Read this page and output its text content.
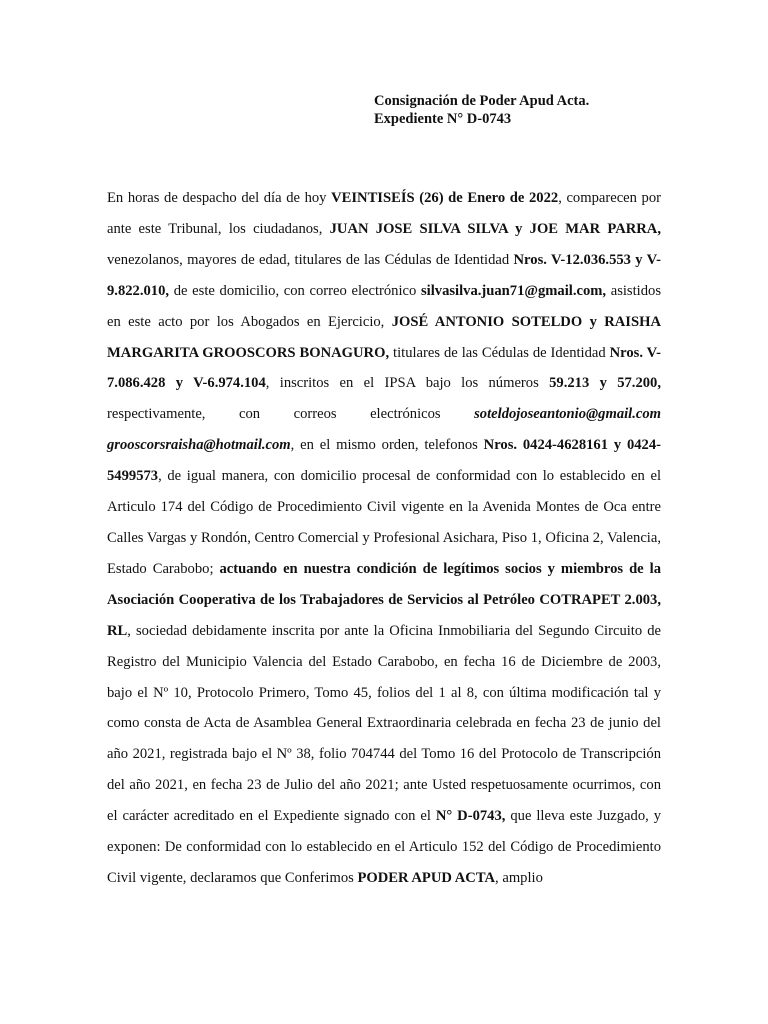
Consignación de Poder Apud Acta.
Expediente N° D-0743

En horas de despacho del día de hoy VEINTISEÍS (26) de Enero de 2022, comparecen por ante este Tribunal, los ciudadanos, JUAN JOSE SILVA SILVA y JOE MAR PARRA, venezolanos, mayores de edad, titulares de las Cédulas de Identidad Nros. V-12.036.553 y V-9.822.010, de este domicilio, con correo electrónico silvasilva.juan71@gmail.com, asistidos en este acto por los Abogados en Ejercicio, JOSÉ ANTONIO SOTELDO y RAISHA MARGARITA GROOSCORS BONAGURO, titulares de las Cédulas de Identidad Nros. V-7.086.428 y V-6.974.104, inscritos en el IPSA bajo los números 59.213 y 57.200, respectivamente, con correos electrónicos soteldojoseantonio@gmail.com grooscorsraisha@hotmail.com, en el mismo orden, telefonos Nros. 0424-4628161 y 0424-5499573, de igual manera, con domicilio procesal de conformidad con lo establecido en el Articulo 174 del Código de Procedimiento Civil vigente en la Avenida Montes de Oca entre Calles Vargas y Rondón, Centro Comercial y Profesional Asichara, Piso 1, Oficina 2, Valencia, Estado Carabobo; actuando en nuestra condición de legítimos socios y miembros de la Asociación Cooperativa de los Trabajadores de Servicios al Petróleo COTRAPET 2.003, RL, sociedad debidamente inscrita por ante la Oficina Inmobiliaria del Segundo Circuito de Registro del Municipio Valencia del Estado Carabobo, en fecha 16 de Diciembre de 2003, bajo el Nº 10, Protocolo Primero, Tomo 45, folios del 1 al 8, con última modificación tal y como consta de Acta de Asamblea General Extraordinaria celebrada en fecha 23 de junio del año 2021, registrada bajo el Nº 38, folio 704744 del Tomo 16 del Protocolo de Transcripción del año 2021, en fecha 23 de Julio del año 2021; ante Usted respetuosamente ocurrimos, con el carácter acreditado en el Expediente signado con el N° D-0743, que lleva este Juzgado, y exponen: De conformidad con lo establecido en el Articulo 152 del Código de Procedimiento Civil vigente, declaramos que Conferimos PODER APUD ACTA, amplio
